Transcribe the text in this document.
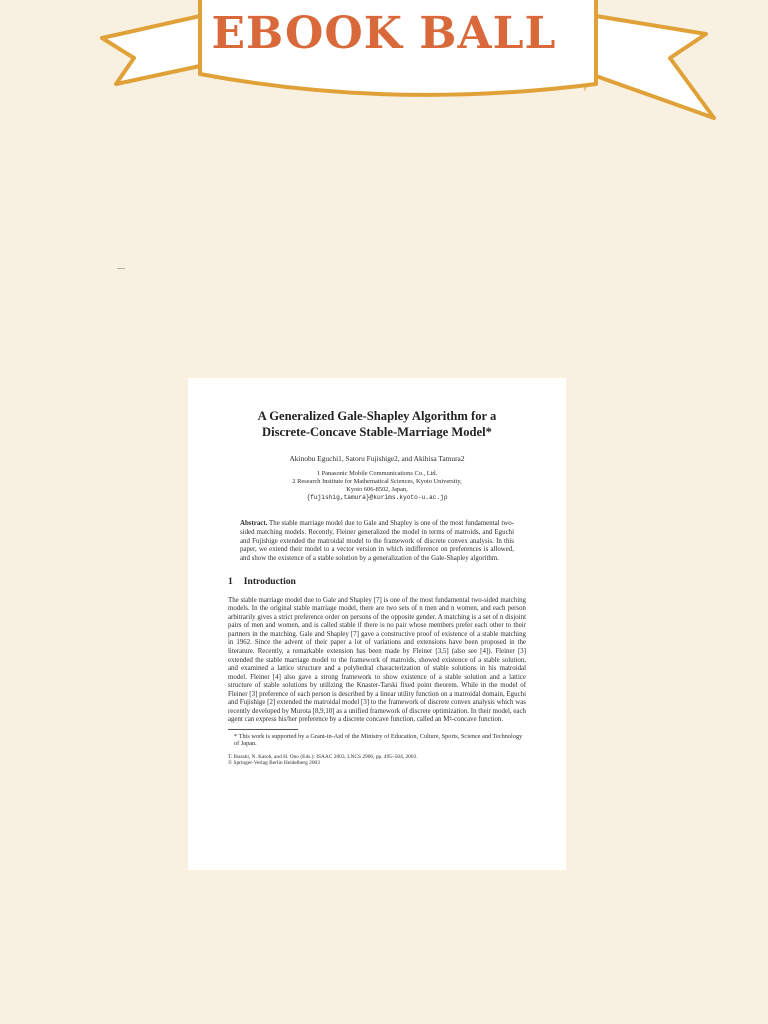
EBOOK BALL
A Generalized Gale-Shapley Algorithm for a
Discrete-Concave Stable-Marriage Model*
Akinobu Eguchi1, Satoru Fujishige2, and Akihisa Tamura2
1 Panasonic Mobile Communications Co., Ltd.
2 Research Institute for Mathematical Sciences, Kyoto University,
Kyoto 606-8502, Japan,
{fujishig,tamura}@kurims.kyoto-u.ac.jp
Abstract. The stable marriage model due to Gale and Shapley is one of the most fundamental two-sided matching models. Recently, Fleiner generalized the model in terms of matroids, and Eguchi and Fujishige extended the matroidal model to the framework of discrete convex analysis. In this paper, we extend their model to a vector version in which indifference on preferences is allowed, and show the existence of a stable solution by a generalization of the Gale-Shapley algorithm.
1 Introduction
The stable marriage model due to Gale and Shapley [7] is one of the most fundamental two-sided matching models. In the original stable marriage model, there are two sets of n men and n women, and each person arbitrarily gives a strict preference order on persons of the opposite gender. A matching is a set of n disjoint pairs of men and women, and is called stable if there is no pair whose members prefer each other to their partners in the matching. Gale and Shapley [7] gave a constructive proof of existence of a stable matching in 1962. Since the advent of their paper a lot of variations and extensions have been proposed in the literature. Recently, a remarkable extension has been made by Fleiner [3,5] (also see [4]). Fleiner [3] extended the stable marriage model to the framework of matroids, showed existence of a stable solution, and examined a lattice structure and a polyhedral characterization of stable solutions in his matroidal model. Fleiner [4] also gave a strong framework to show existence of a stable solution and a lattice structure of stable solutions by utilizing the Knaster-Tarski fixed point theorem. While in the model of Fleiner [3] preference of each person is described by a linear utility function on a matroidal domain, Eguchi and Fujishige [2] extended the matroidal model [3] to the framework of discrete convex analysis which was recently developed by Murota [8,9,10] as a unified framework of discrete optimization. In their model, each agent can express his/her preference by a discrete concave function, called an M♮-concave function.
* This work is supported by a Grant-in-Aid of the Ministry of Education, Culture, Sports, Science and Technology of Japan.
T. Ibaraki, N. Katoh, and H. Ono (Eds.): ISAAC 2003, LNCS 2906, pp. 495–504, 2003.
© Springer-Verlag Berlin Heidelberg 2003
